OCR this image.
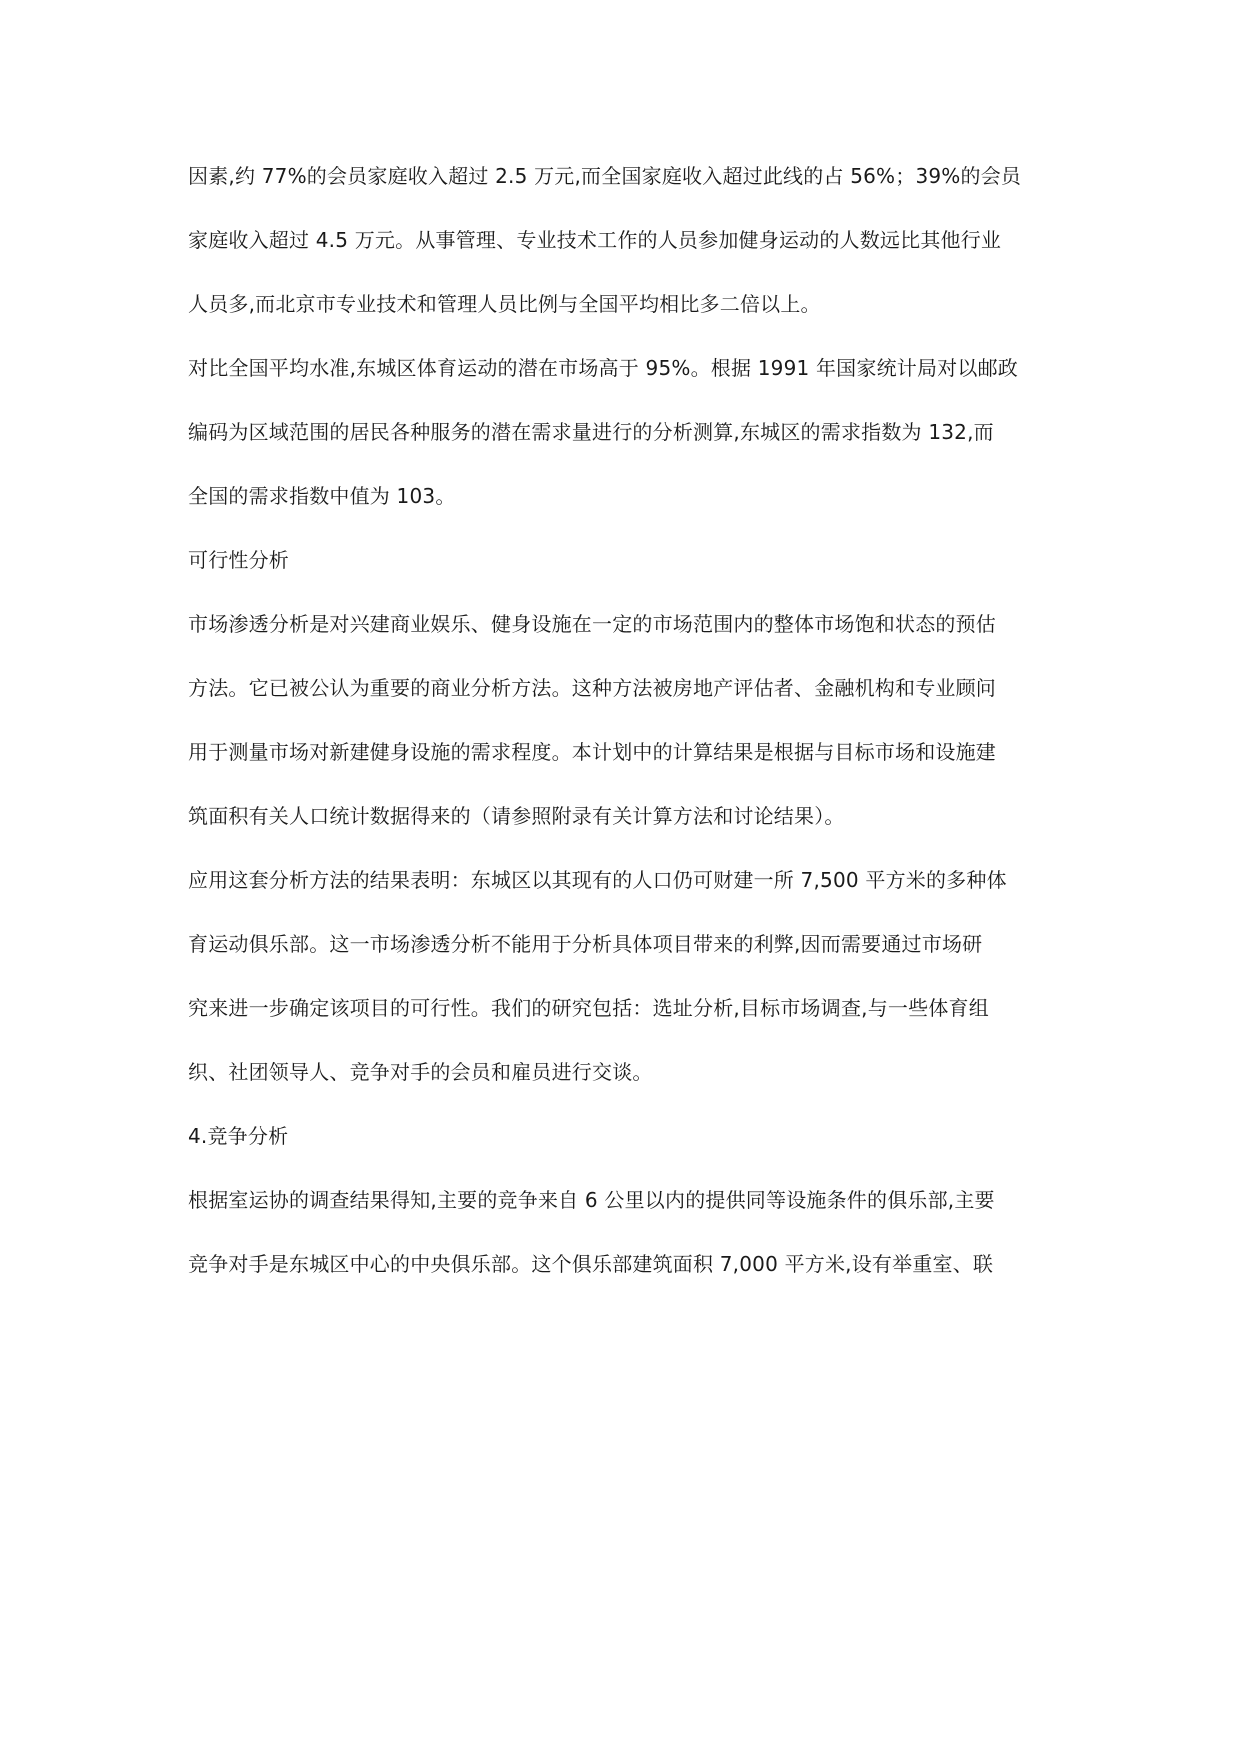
因素,约 77%的会员家庭收入超过 2.5 万元,而全国家庭收入超过此线的占 56%；39%的会员

家庭收入超过 4.5 万元。从事管理、专业技术工作的人员参加健身运动的人数远比其他行业

人员多,而北京市专业技术和管理人员比例与全国平均相比多二倍以上。

对比全国平均水准,东城区体育运动的潜在市场高于 95%。根据 1991 年国家统计局对以邮政

编码为区域范围的居民各种服务的潜在需求量进行的分析测算,东城区的需求指数为 132,而

全国的需求指数中值为 103。

可行性分析

市场渗透分析是对兴建商业娱乐、健身设施在一定的市场范围内的整体市场饱和状态的预估

方法。它已被公认为重要的商业分析方法。这种方法被房地产评估者、金融机构和专业顾问

用于测量市场对新建健身设施的需求程度。本计划中的计算结果是根据与目标市场和设施建

筑面积有关人口统计数据得来的（请参照附录有关计算方法和讨论结果）。

应用这套分析方法的结果表明：东城区以其现有的人口仍可财建一所 7,500 平方米的多种体

育运动俱乐部。这一市场渗透分析不能用于分析具体项目带来的利弊,因而需要通过市场研

究来进一步确定该项目的可行性。我们的研究包括：选址分析,目标市场调查,与一些体育组

织、社团领导人、竞争对手的会员和雇员进行交谈。

4.竞争分析

根据室运协的调查结果得知,主要的竞争来自 6 公里以内的提供同等设施条件的俱乐部,主要

竞争对手是东城区中心的中央俱乐部。这个俱乐部建筑面积 7,000 平方米,设有举重室、联
